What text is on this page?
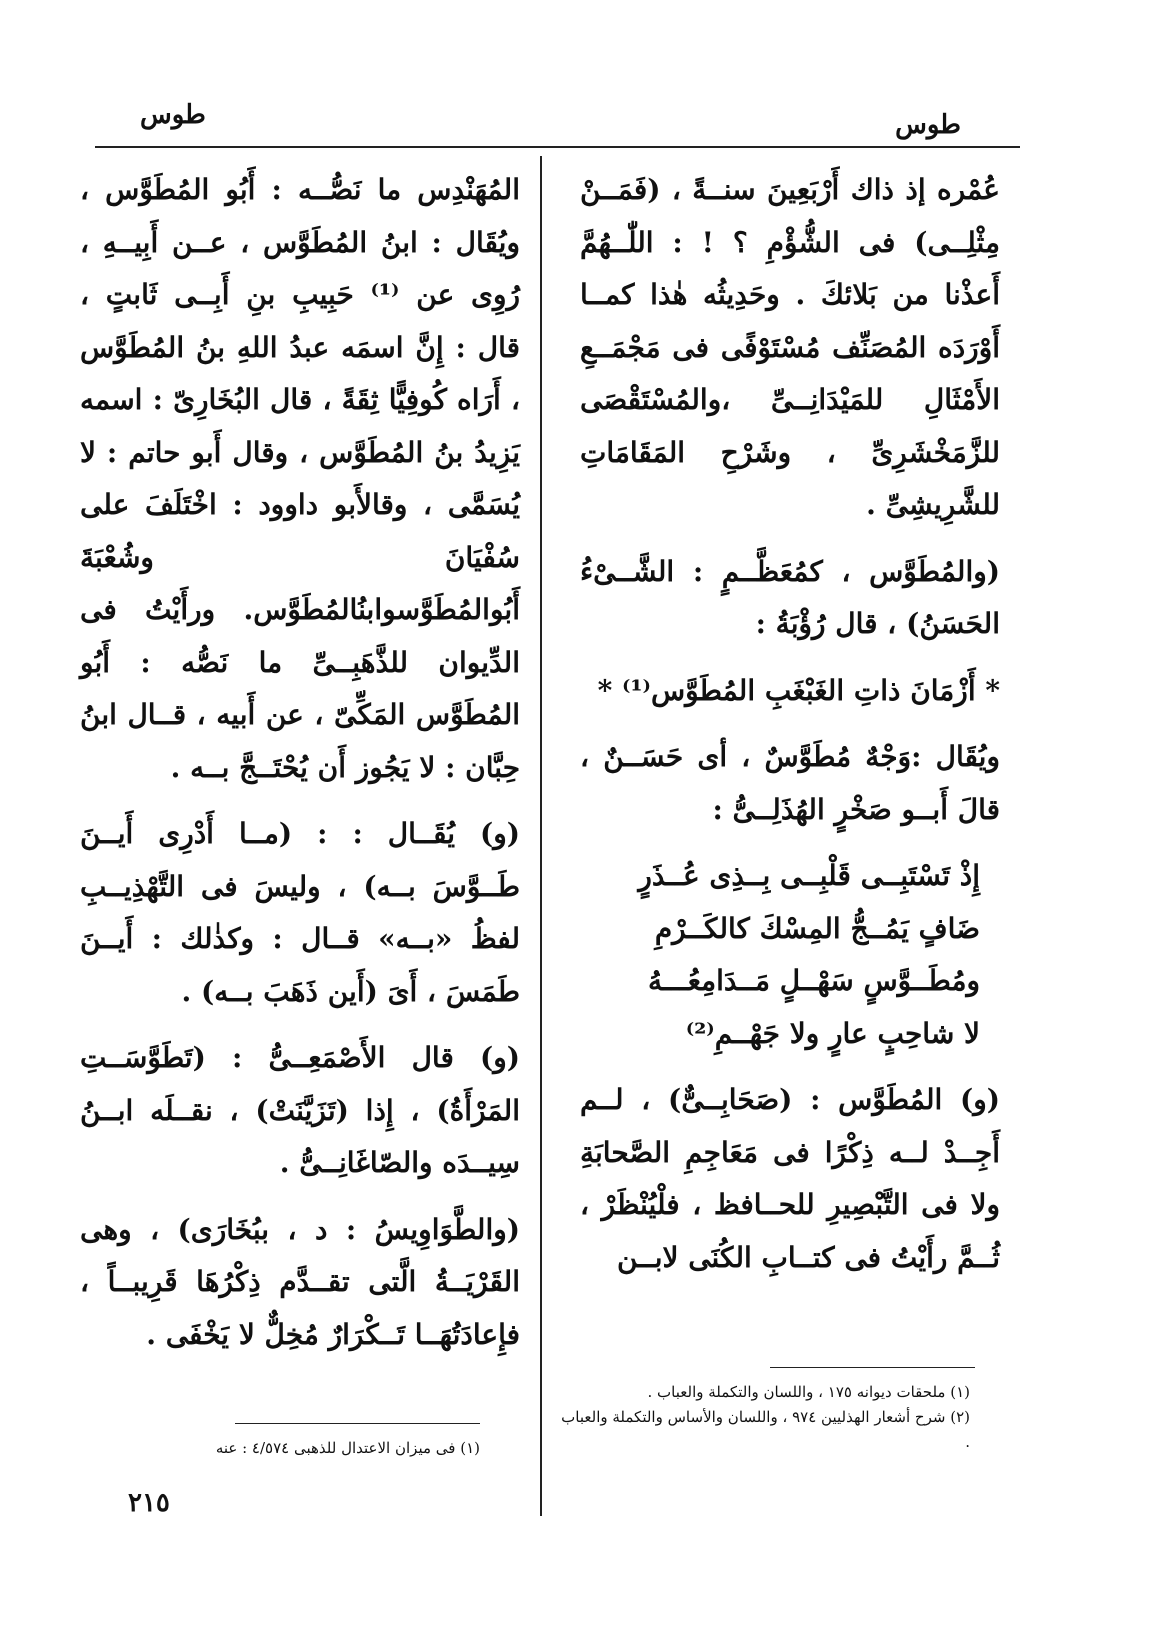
طوس	طوس

عُمْره إذ ذاك أَرْبَعِينَ سنــةً ، (فَمَــنْ مِثْلِــى) فى الشُّؤْمِ ؟ ! : اللّٰــهُمَّ أَعذْنا من بَلائكَ . وحَدِيثُه هٰذا كمــا أَوْرَدَه المُصَنِّف مُسْتَوْفًى فى مَجْمَــعِ الأَمْثَالِ للمَيْدَانِــىِّ ،والمُسْتَقْصَى للزَّمَخْشَرِىِّ ، وشَرْحِ المَقَامَاتِ للشَّرِيشِىِّ .

(والمُطَوَّس ، كمُعَظَّــمٍ : الشَّــىْءُ الحَسَنُ) ، قال رُؤْبَةُ :

* أَزْمَانَ ذاتِ الغَبْغَبِ المُطَوَّس⁽¹⁾ *

ويُقَال :وَجْهٌ مُطَوَّسٌ ، أى حَسَــنٌ ، قالَ أَبــو صَخْرٍ الهُذَلِــىُّ :

إِذْ تَسْتَبِــى قَلْبِــى بِــذِى عُــذَرٍ

ضَافٍ يَمُــجُّ المِسْكَ كالكَــرْمِ

ومُطَــوَّسٍ سَهْــلٍ مَــدَامِعُـــهُ

لا شاحِبٍ عارٍ ولا جَهْــمِ⁽²⁾

(و) المُطَوَّس : (صَحَابِــىٌّ) ، لــم أَجِــدْ لــه ذِكْرًا فى مَعَاجِمِ الصَّحابَةِ ولا فى التَّبْصِيرِ للحــافظ ، فلْيُنْظَرْ ، ثُــمَّ رأَيْتُ فى كتــابِ الكُنَى لابــن

المُهَنْدِس ما نَصُّــه : أَبُو المُطَوَّس ، ويُقَال : ابنُ المُطَوَّس ، عــن أَبِيــهِ ، رُوِى عن ⁽¹⁾ حَبِيبِ بنِ أَبِــى ثَابتٍ ، قال : إِنَّ اسمَه عبدُ اللهِ بنُ المُطَوَّس ، أَرَاه كُوفِيًّا ثِقَةً ، قال البُخَارِىّ : اسمه يَزِيدُ بنُ المُطَوَّس ، وقال أَبو حاتم : لا يُسَمَّى ، وقالأَبو داوود : اخْتَلَفَ على سُفْيَانَ وشُعْبَةَ أَبُوالمُطَوَّسوابنُالمُطَوَّس. ورأَيْتُ فى الدِّيوان للذَّهَبِــىِّ ما نَصُّه : أَبُو المُطَوَّس المَكِّىّ ، عن أَبيه ، قــال ابنُ حِبَّان : لا يَجُوز أَن يُحْتَــجَّ بــه .

(و) يُقَــال : : (مــا أَدْرِى أَيــنَ طَــوَّسَ بــه) ، وليسَ فى التَّهْذِيــبِ لفظُ «بــه» قــال : وكذٰلك : أَيــنَ طَمَسَ ، أَىَ (أَين ذَهَبَ بــه) .

(و) قال الأَصْمَعِــىُّ : (تَطَوَّسَــتِ المَرْأَةُ) ، إِذا (تَزَيَّنَتْ) ، نقــلَه ابــنُ سِيــدَه والصّاغَانِــىُّ .

(والطَّوَاوِيسُ : د ، ببُخَارَى) ، وهى القَرْيَــةُ الَّتى تقــدَّم ذِكْرُهَا قَرِيبــاً ، فإِعادَتُهَــا تَــكْرَارٌ مُخِلٌّ لا يَخْفَى .

(١) ملحقات ديوانه ١٧٥ ، واللسان والتكملة والعباب .

(٢) شرح أشعار الهذليين ٩٧٤ ، واللسان والأساس والتكملة والعباب .

(١) فى ميزان الاعتدال للذهبى ٤/٥٧٤ : عنه

٢١٥
